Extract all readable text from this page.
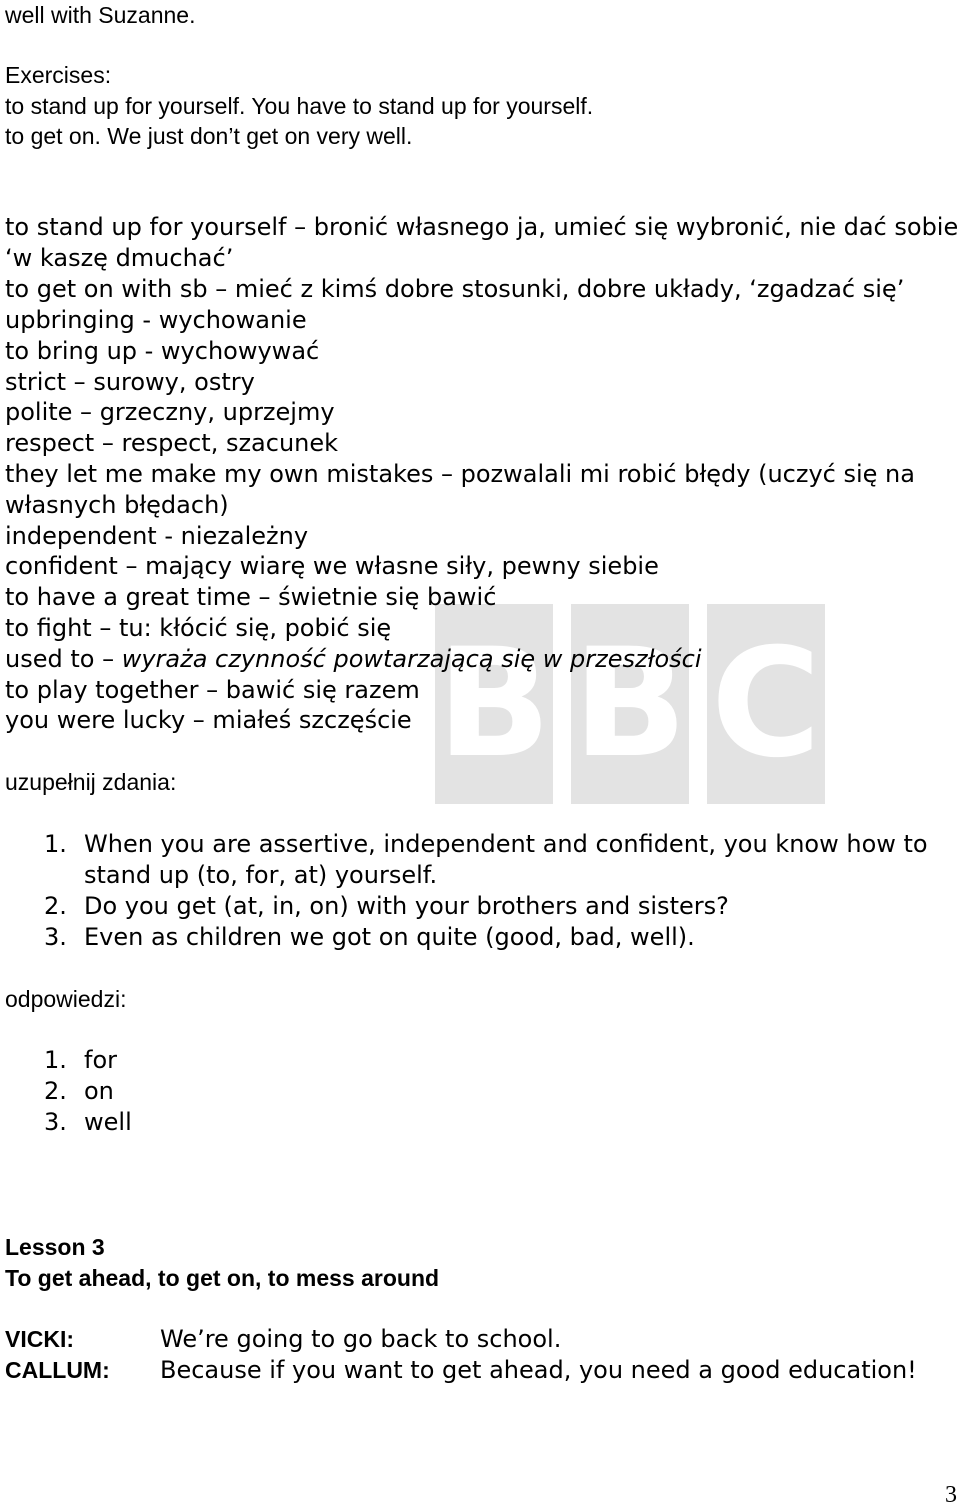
B B C
well with Suzanne.
Exercises:
to stand up for yourself. You have to stand up for yourself.
to get on. We just don’t get on very well.
to stand up for yourself – bronić własnego ja, umieć się wybronić, nie dać sobie
‘w kaszę dmuchać’
to get on with sb – mieć z kimś dobre stosunki, dobre układy, ‘zgadzać się’
upbringing - wychowanie
to bring up - wychowywać
strict – surowy, ostry
polite – grzeczny, uprzejmy
respect – respect, szacunek
they let me make my own mistakes – pozwalali mi robić błędy (uczyć się na
własnych błędach)
independent - niezależny
confident – mający wiarę we własne siły, pewny siebie
to have a great time – świetnie się bawić
to fight – tu: kłócić się, pobić się
used to – wyraża czynność powtarzającą się w przeszłości
to play together – bawić się razem
you were lucky – miałeś szczęście
uzupełnij zdania:
1. When you are assertive, independent and confident, you know how to
stand up (to, for, at) yourself.
2. Do you get (at, in, on) with your brothers and sisters?
3. Even as children we got on quite (good, bad, well).
odpowiedzi:
1. for
2. on
3. well
Lesson 3
To get ahead, to get on, to mess around
VICKI:	We’re going to go back to school.
CALLUM: Because if you want to get ahead, you need a good education!
3
